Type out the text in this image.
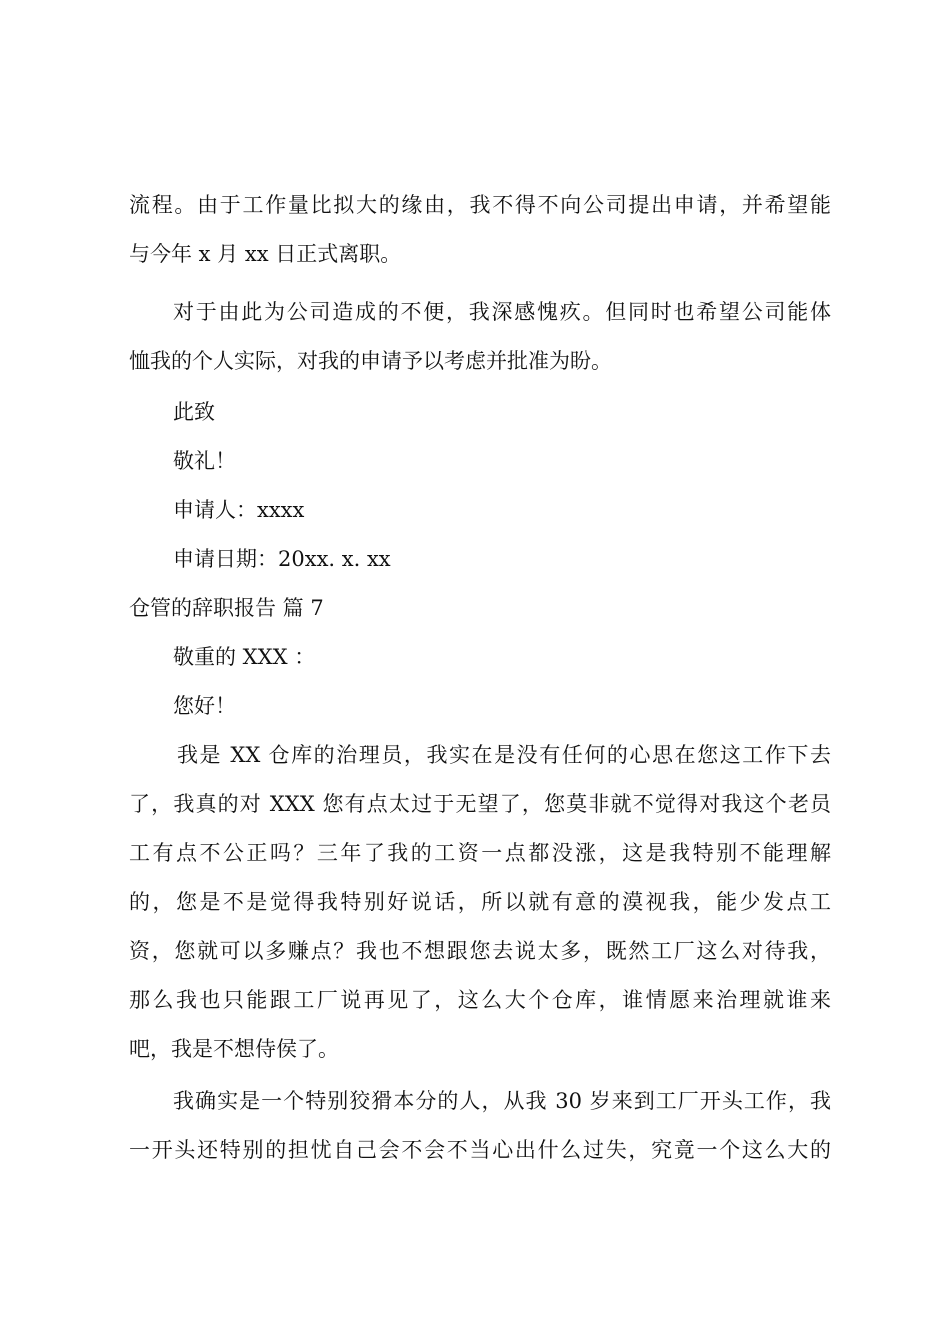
流程。由于工作量比拟大的缘由，我不得不向公司提出申请，并希望能
与今年 x 月 xx 日正式离职。
对于由此为公司造成的不便，我深感愧疚。但同时也希望公司能体
恤我的个人实际，对我的申请予以考虑并批准为盼。
此致
敬礼！
申请人：xxxx
申请日期：20xx. x. xx
仓管的辞职报告 篇 7
敬重的 XXX ：
您好！
我是 XX 仓库的治理员，我实在是没有任何的心思在您这工作下去
了，我真的对 XXX 您有点太过于无望了，您莫非就不觉得对我这个老员
工有点不公正吗？三年了我的工资一点都没涨，这是我特别不能理解
的，您是不是觉得我特别好说话，所以就有意的漠视我，能少发点工
资，您就可以多赚点？我也不想跟您去说太多，既然工厂这么对待我，
那么我也只能跟工厂说再见了，这么大个仓库，谁情愿来治理就谁来
吧，我是不想侍侯了。
我确实是一个特别狡猾本分的人，从我 30 岁来到工厂开头工作，我
一开头还特别的担忧自己会不会不当心出什么过失，究竟一个这么大的
